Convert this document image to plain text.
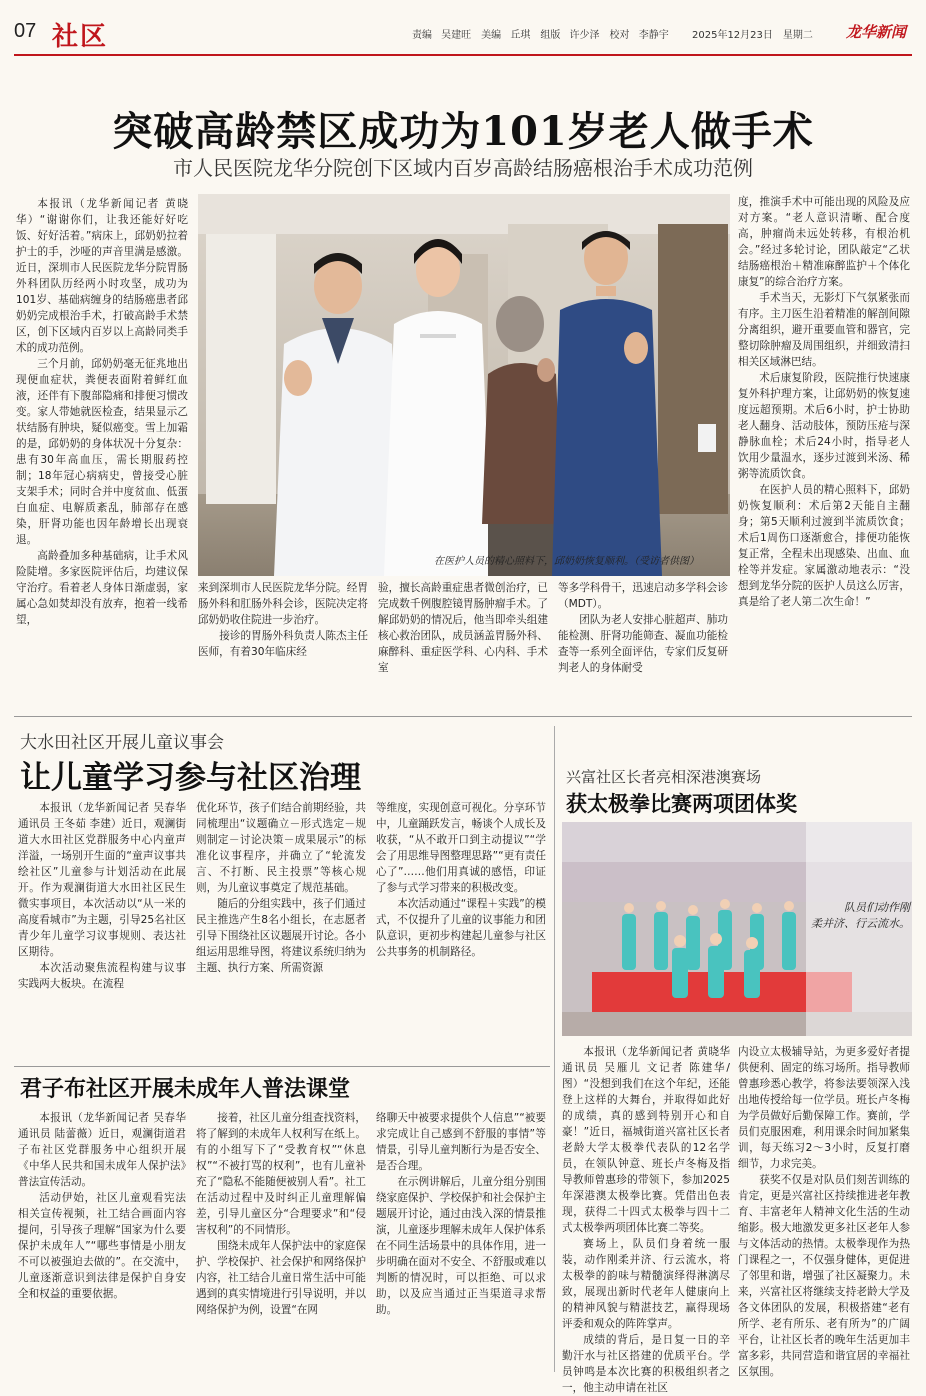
07 社区	责编 吴建旺　美编 丘琪　组版 许少泽　校对 李静宇 2025年12月23日　星期二 龙华新闻
突破高龄禁区成功为101岁老人做手术
市人民医院龙华分院创下区域内百岁高龄结肠癌根治手术成功范例

本报讯（龙华新闻记者 黄晓华）“谢谢你们，让我还能好好吃饭、好好活着。”病床上，邱奶奶拉着护士的手，沙哑的声音里满是感激。近日，深圳市人民医院龙华分院胃肠外科团队历经两小时攻坚，成功为101岁、基础病缠身的结肠癌患者邱奶奶完成根治手术，打破高龄手术禁区，创下区域内百岁以上高龄同类手术的成功范例。

三个月前，邱奶奶毫无征兆地出现便血症状，粪便表面附着鲜红血液，还伴有下腹部隐痛和排便习惯改变。家人带她就医检查，结果显示乙状结肠有肿块，疑似癌变。雪上加霜的是，邱奶奶的身体状况十分复杂：患有30年高血压，需长期服药控制；18年冠心病病史，曾接受心脏支架手术；同时合并中度贫血、低蛋白血症、电解质紊乱，肺部存在感染，肝肾功能也因年龄增长出现衰退。

高龄叠加多种基础病，让手术风险陡增。多家医院评估后，均建议保守治疗。看着老人身体日渐虚弱，家属心急如焚却没有放弃，抱着一线希望，

在医护人员的精心照料下，邱奶奶恢复顺利。（受访者供图）

来到深圳市人民医院龙华分院。经胃肠外科和肛肠外科会诊，医院决定将邱奶奶收住院进一步治疗。

接诊的胃肠外科负责人陈杰主任医师，有着30年临床经

验，擅长高龄重症患者微创治疗，已完成数千例腹腔镜胃肠肿瘤手术。了解邱奶奶的情况后，他当即牵头组建核心救治团队，成员涵盖胃肠外科、麻醉科、重症医学科、心内科、手术室

等多学科骨干，迅速启动多学科会诊（MDT）。

团队为老人安排心脏超声、肺功能检测、肝肾功能筛查、凝血功能检查等一系列全面评估，专家们反复研判老人的身体耐受

度，推演手术中可能出现的风险及应对方案。“老人意识清晰、配合度高，肿瘤尚未远处转移，有根治机会。”经过多轮讨论，团队敲定“乙状结肠癌根治＋精准麻醉监护＋个体化康复”的综合治疗方案。

手术当天，无影灯下气氛紧张而有序。主刀医生沿着精准的解剖间隙分离组织，避开重要血管和器官，完整切除肿瘤及周围组织，并细致清扫相关区域淋巴结。

术后康复阶段，医院推行快速康复外科护理方案，让邱奶奶的恢复速度远超预期。术后6小时，护士协助老人翻身、活动肢体，预防压疮与深静脉血栓；术后24小时，指导老人饮用少量温水，逐步过渡到米汤、稀粥等流质饮食。

在医护人员的精心照料下，邱奶奶恢复顺利：术后第2天能自主翻身；第5天顺利过渡到半流质饮食；术后1周伤口逐渐愈合，排便功能恢复正常，全程未出现感染、出血、血栓等并发症。家属激动地表示：“没想到龙华分院的医护人员这么厉害，真是给了老人第二次生命！”

大水田社区开展儿童议事会
让儿童学习参与社区治理

本报讯（龙华新闻记者 吴春华 通讯员 王冬茹 李建）近日，观澜街道大水田社区党群服务中心内童声洋溢，一场别开生面的“童声议事共绘社区”儿童参与计划活动在此展开。作为观澜街道大水田社区民生微实事项目，本次活动以“从一米的高度看城市”为主题，引导25名社区青少年儿童学习议事规则、表达社区期待。

本次活动聚焦流程构建与议事实践两大板块。在流程

优化环节，孩子们结合前期经验，共同梳理出“议题确立－形式选定－规则制定－讨论决策－成果展示”的标准化议事程序，并确立了“轮流发言、不打断、民主投票”等核心规则，为儿童议事奠定了规范基础。

随后的分组实践中，孩子们通过民主推选产生8名小组长，在志愿者引导下围绕社区议题展开讨论。各小组运用思维导图，将建议系统归纳为主题、执行方案、所需资源

等维度，实现创意可视化。分享环节中，儿童踊跃发言，畅谈个人成长及收获，“从不敢开口到主动提议”“学会了用思维导图整理思路”“更有责任心了”……他们用真诚的感悟，印证了参与式学习带来的积极改变。

本次活动通过“课程＋实践”的模式，不仅提升了儿童的议事能力和团队意识，更初步构建起儿童参与社区公共事务的机制路径。

君子布社区开展未成年人普法课堂

本报讯（龙华新闻记者 吴春华 通讯员 陆蕾薇）近日，观澜街道君子布社区党群服务中心组织开展《中华人民共和国未成年人保护法》普法宣传活动。

活动伊始，社区儿童观看宪法相关宣传视频，社工结合画面内容提问，引导孩子理解“国家为什么要保护未成年人”“哪些事情是小朋友不可以被强迫去做的”。在交流中，儿童逐渐意识到法律是保护自身安全和权益的重要依据。

接着，社区儿童分组查找资料，将了解到的未成年人权利写在纸上。有的小组写下了“受教育权”“休息权”“不被打骂的权利”，也有儿童补充了“隐私不能随便被别人看”。社工在活动过程中及时纠正儿童理解偏差，引导儿童区分“合理要求”和“侵害权利”的不同情形。

围绕未成年人保护法中的家庭保护、学校保护、社会保护和网络保护内容，社工结合儿童日常生活中可能遇到的真实情境进行引导说明，并以网络保护为例，设置“在网

络聊天中被要求提供个人信息”“被要求完成让自己感到不舒服的事情”等情景，引导儿童判断行为是否安全、是否合理。

在示例讲解后，儿童分组分别围绕家庭保护、学校保护和社会保护主题展开讨论，通过由浅入深的情景推演，儿童逐步理解未成年人保护体系在不同生活场景中的具体作用，进一步明确在面对不安全、不舒服或难以判断的情况时，可以拒绝、可以求助，以及应当通过正当渠道寻求帮助。

兴富社区长者亮相深港澳赛场
获太极拳比赛两项团体奖
队员们动作刚
柔并济、行云流水。

本报讯（龙华新闻记者 黄晓华 通讯员 吴雁儿 文记者 陈建华/图）“没想到我们在这个年纪，还能登上这样的大舞台，并取得如此好的成绩，真的感到特别开心和自豪！”近日，福城街道兴富社区长者老龄大学太极拳代表队的12名学员，在领队钟意、班长卢冬梅及指导教师曾惠珍的带领下，参加2025年深港澳太极拳比赛。凭借出色表现，获得二十四式太极拳与四十二式太极拳两项团体比赛二等奖。

赛场上，队员们身着统一服装，动作刚柔并济、行云流水，将太极拳的韵味与精髓演绎得淋漓尽致，展现出新时代老年人健康向上的精神风貌与精湛技艺，赢得现场评委和观众的阵阵掌声。

成绩的背后，是日复一日的辛勤汗水与社区搭建的优质平台。学员钟鸣是本次比赛的积极组织者之一，他主动申请在社区

内设立太极辅导站，为更多爱好者提供便利、固定的练习场所。指导教师曾惠珍悉心教学，将参法要领深入浅出地传授给每一位学员。班长卢冬梅为学员做好后勤保障工作。赛前，学员们克服困难，利用课余时间加紧集训，每天练习2～3小时，反复打磨细节，力求完美。

获奖不仅是对队员们刻苦训练的肯定，更是兴富社区持续推进老年教育、丰富老年人精神文化生活的生动缩影。极大地激发更多社区老年人参与文体活动的热情。太极拳现作为热门课程之一，不仅强身健体，更促进了邻里和谐，增强了社区凝聚力。未来，兴富社区将继续支持老龄大学及各文体团队的发展，积极搭建“老有所学、老有所乐、老有所为”的广阔平台，让社区长者的晚年生活更加丰富多彩，共同营造和谐宜居的幸福社区氛围。
